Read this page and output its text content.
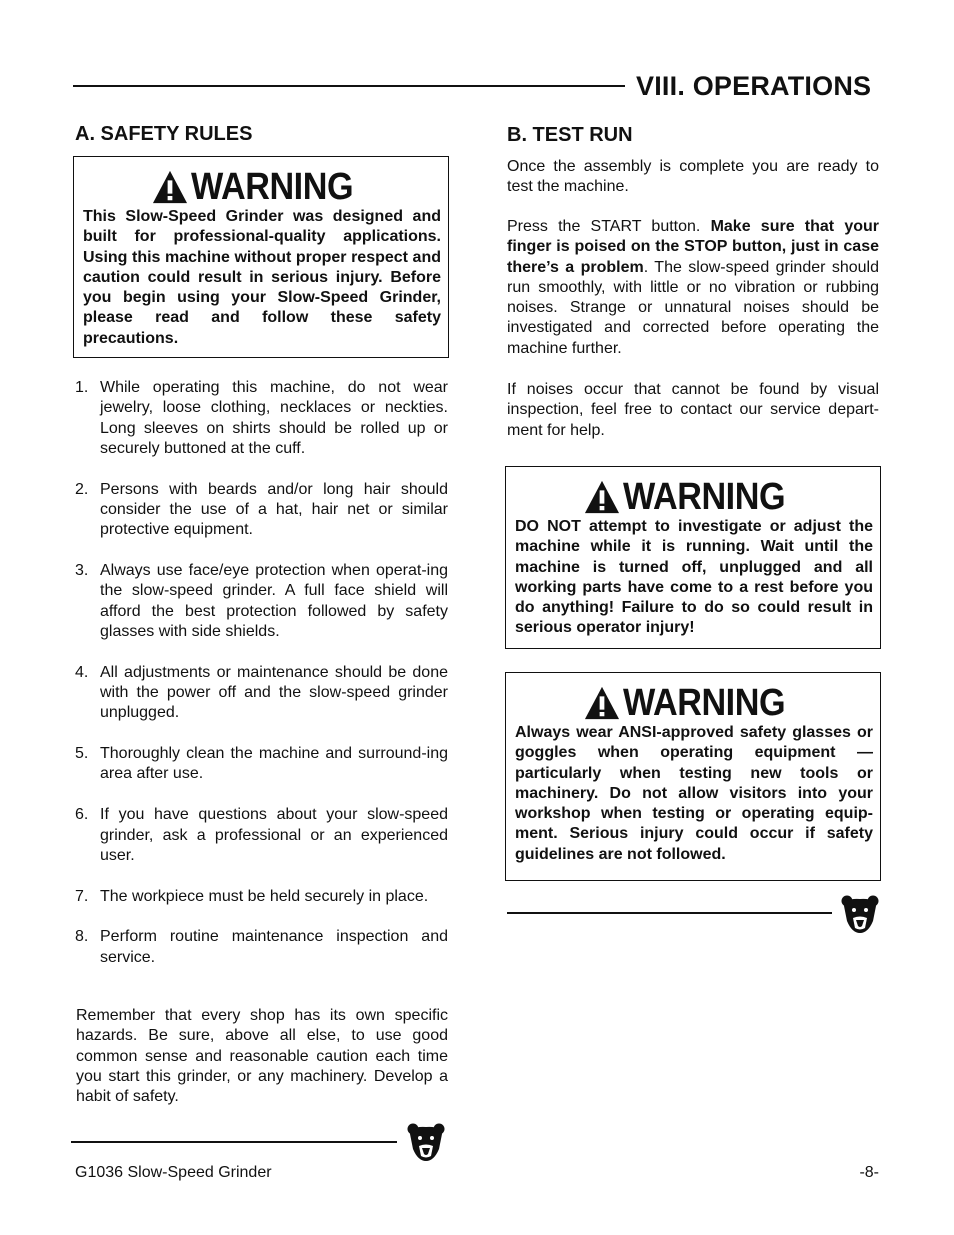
VIII. OPERATIONS
A. SAFETY RULES
WARNING
This Slow-Speed Grinder was designed and built for professional-quality applications. Using this machine without proper respect and caution could result in serious injury. Before you begin using your Slow-Speed Grinder, please read and follow these safety precautions.
1. While operating this machine, do not wear jewelry, loose clothing, necklaces or neckties. Long sleeves on shirts should be rolled up or securely buttoned at the cuff.
2. Persons with beards and/or long hair should consider the use of a hat, hair net or similar protective equipment.
3. Always use face/eye protection when operat-ing the slow-speed grinder. A full face shield will afford the best protection followed by safety glasses with side shields.
4. All adjustments or maintenance should be done with the power off and the slow-speed grinder unplugged.
5. Thoroughly clean the machine and surround-ing area after use.
6. If you have questions about your slow-speed grinder, ask a professional or an experienced user.
7. The workpiece must be held securely in place.
8. Perform routine maintenance inspection and service.
Remember that every shop has its own specific hazards. Be sure, above all else, to use good common sense and reasonable caution each time you start this grinder, or any machinery. Develop a habit of safety.
B. TEST RUN
Once the assembly is complete you are ready to test the machine.
Press the START button. Make sure that your finger is poised on the STOP button, just in case there’s a problem. The slow-speed grinder should run smoothly, with little or no vibration or rubbing noises. Strange or unnatural noises should be investigated and corrected before operating the machine further.
If noises occur that cannot be found by visual inspection, feel free to contact our service depart-ment for help.
WARNING
DO NOT attempt to investigate or adjust the machine while it is running. Wait until the machine is turned off, unplugged and all working parts have come to a rest before you do anything! Failure to do so could result in serious operator injury!
WARNING
Always wear ANSI-approved safety glasses or goggles when operating equipment — particularly when testing new tools or machinery. Do not allow visitors into your workshop when testing or operating equip-ment. Serious injury could occur if safety guidelines are not followed.
G1036 Slow-Speed Grinder	-8-
